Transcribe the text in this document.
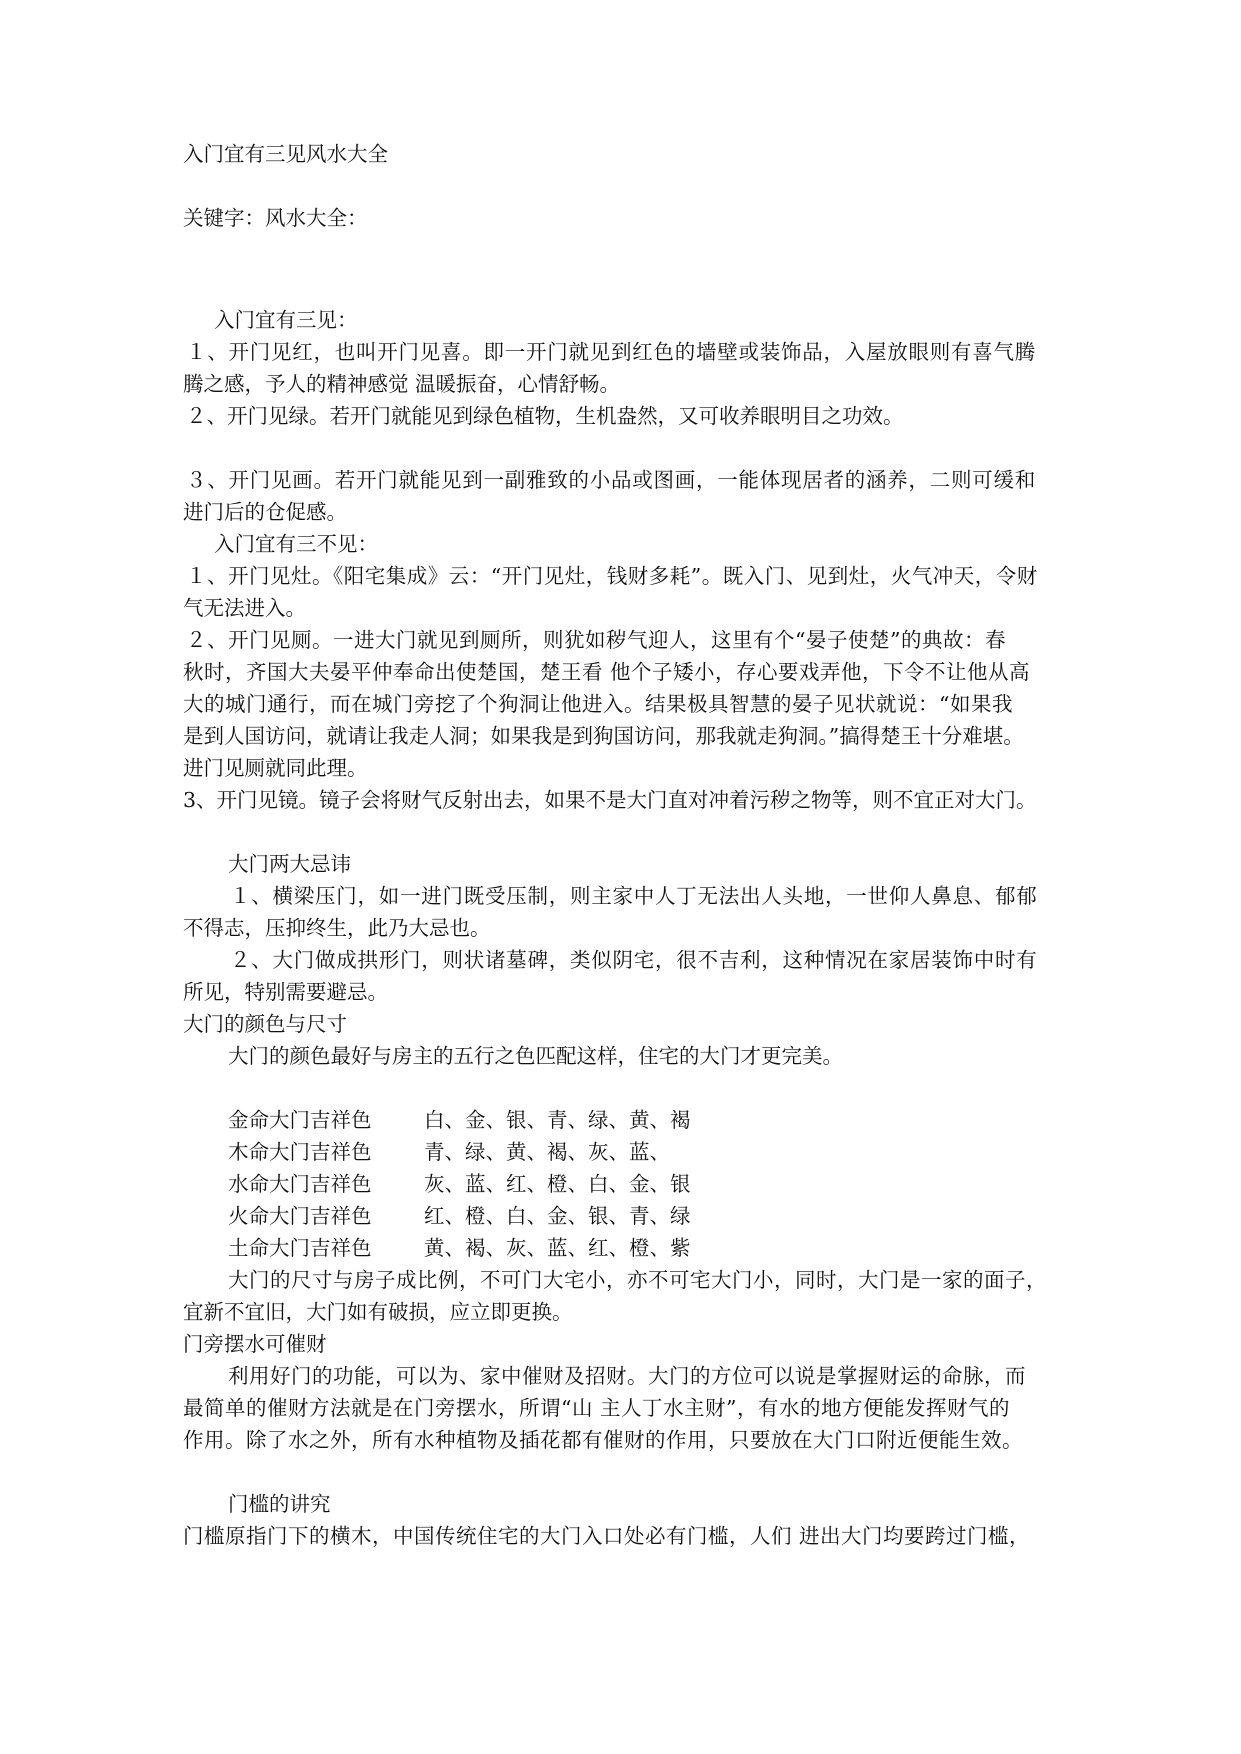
入门宜有三见风水大全
关键字：风水大全：
入门宜有三见：
１、开门见红，也叫开门见喜。即一开门就见到红色的墙壁或装饰品，入屋放眼则有喜气腾
腾之感，予人的精神感觉 温暖振奋，心情舒畅。
２、开门见绿。若开门就能见到绿色植物，生机盎然，又可收养眼明目之功效。
３、开门见画。若开门就能见到一副雅致的小品或图画，一能体现居者的涵养，二则可缓和
进门后的仓促感。
入门宜有三不见：
１、开门见灶。《阳宅集成》云：“开门见灶，钱财多耗”。既入门、见到灶，火气冲天，令财
气无法进入。
２、开门见厕。一进大门就见到厕所，则犹如秽气迎人，这里有个“晏子使楚”的典故：春
秋时，齐国大夫晏平仲奉命出使楚国，楚王看 他个子矮小，存心要戏弄他，下令不让他从高
大的城门通行，而在城门旁挖了个狗洞让他进入。结果极具智慧的晏子见状就说：“如果我
是到人国访问，就请让我走人洞；如果我是到狗国访问，那我就走狗洞。”搞得楚王十分难堪。
进门见厕就同此理。
3、开门见镜。镜子会将财气反射出去，如果不是大门直对冲着污秽之物等，则不宜正对大门。
大门两大忌讳
１、横梁压门，如一进门既受压制，则主家中人丁无法出人头地，一世仰人鼻息、郁郁
不得志，压抑终生，此乃大忌也。
２、大门做成拱形门，则状诸墓碑，类似阴宅，很不吉利，这种情况在家居装饰中时有
所见，特别需要避忌。
大门的颜色与尺寸
大门的颜色最好与房主的五行之色匹配这样，住宅的大门才更完美。
金命大门吉祥色	白、金、银、青、绿、黄、褐
木命大门吉祥色	青、绿、黄、褐、灰、蓝、
水命大门吉祥色	灰、蓝、红、橙、白、金、银
火命大门吉祥色	红、橙、白、金、银、青、绿
土命大门吉祥色	黄、褐、灰、蓝、红、橙、紫
大门的尺寸与房子成比例，不可门大宅小，亦不可宅大门小，同时，大门是一家的面子，
宜新不宜旧，大门如有破损，应立即更换。
门旁摆水可催财
利用好门的功能，可以为、家中催财及招财。大门的方位可以说是掌握财运的命脉，而
最简单的催财方法就是在门旁摆水，所谓“山 主人丁水主财”，有水的地方便能发挥财气的
作用。除了水之外，所有水种植物及插花都有催财的作用，只要放在大门口附近便能生效。
门槛的讲究
门槛原指门下的横木，中国传统住宅的大门入口处必有门槛，人们 进出大门均要跨过门槛，
